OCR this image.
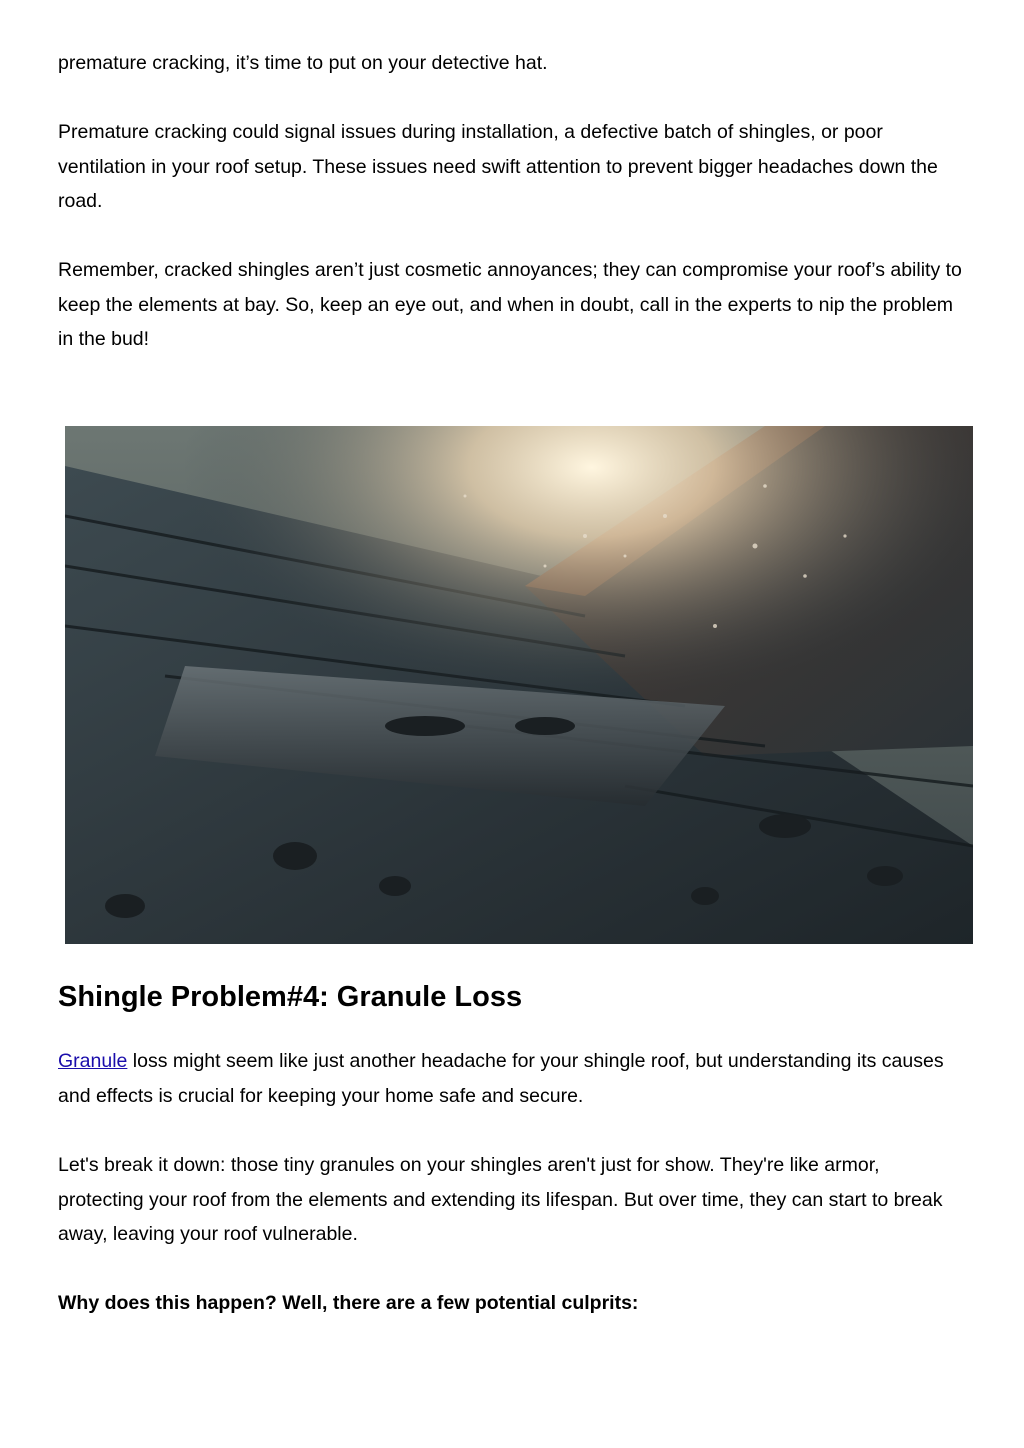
premature cracking, it’s time to put on your detective hat.

Premature cracking could signal issues during installation, a defective batch of shingles, or poor ventilation in your roof setup. These issues need swift attention to prevent bigger headaches down the road.

Remember, cracked shingles aren’t just cosmetic annoyances; they can compromise your roof’s ability to keep the elements at bay. So, keep an eye out, and when in doubt, call in the experts to nip the problem in the bud!

Shingle Problem#4: Granule Loss

Granule loss might seem like just another headache for your shingle roof, but understanding its causes and effects is crucial for keeping your home safe and secure.

Let's break it down: those tiny granules on your shingles aren't just for show. They're like armor, protecting your roof from the elements and extending its lifespan. But over time, they can start to break away, leaving your roof vulnerable.

Why does this happen? Well, there are a few potential culprits:
